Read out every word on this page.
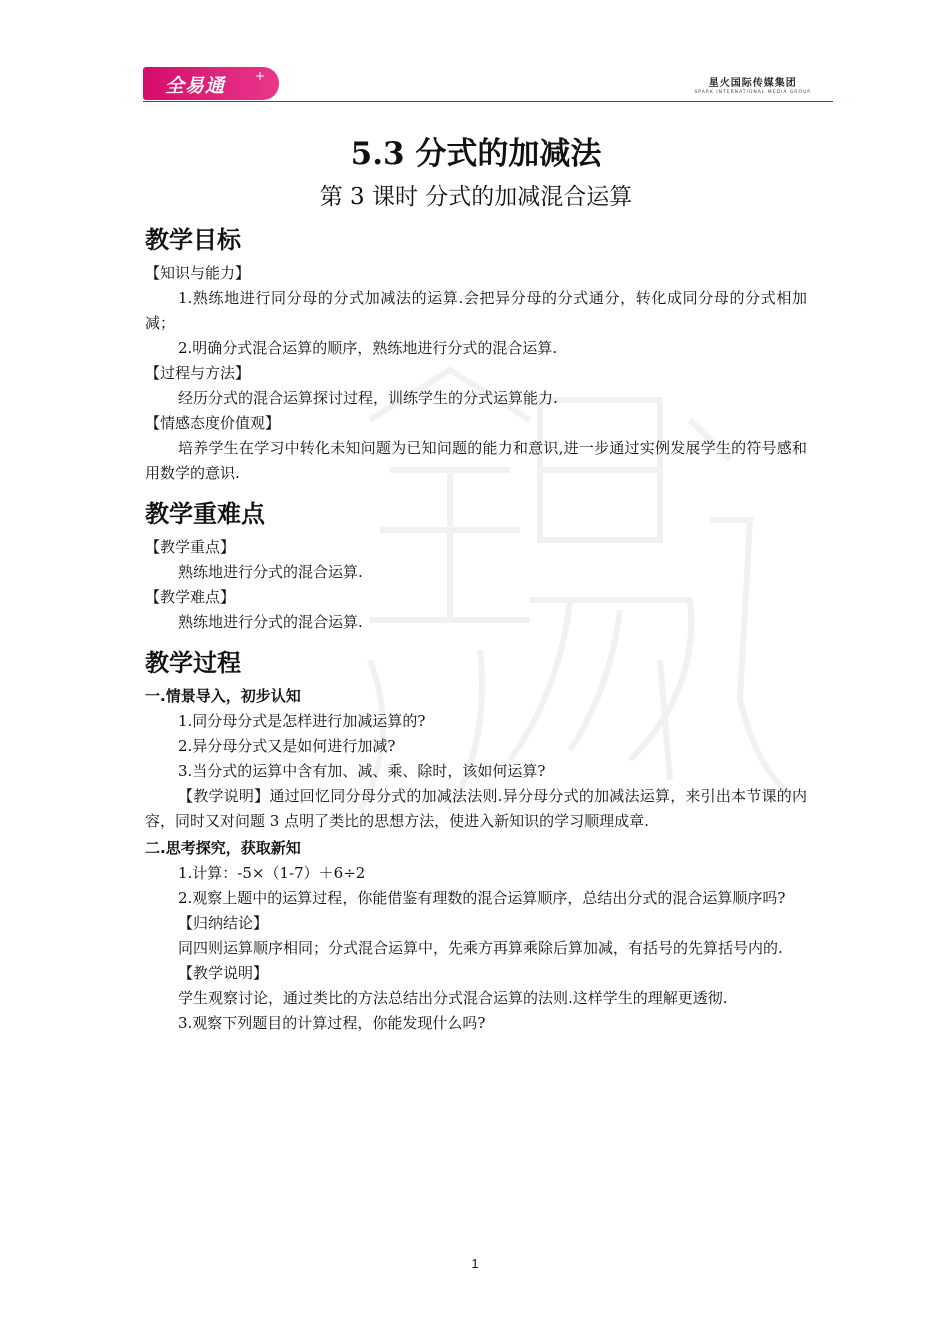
全易通 +
星火国际传媒集团
SPARK INTERNATIONAL MEDIA GROUP
5.3 分式的加减法
第 3 课时 分式的加减混合运算
教学目标

【知识与能力】

1.熟练地进行同分母的分式加减法的运算.会把异分母的分式通分，转化成同分母的分式相加减；

2.明确分式混合运算的顺序，熟练地进行分式的混合运算.

【过程与方法】

经历分式的混合运算探讨过程，训练学生的分式运算能力.

【情感态度价值观】

培养学生在学习中转化未知问题为已知问题的能力和意识,进一步通过实例发展学生的符号感和用数学的意识.

教学重难点

【教学重点】

熟练地进行分式的混合运算.

【教学难点】

熟练地进行分式的混合运算.

教学过程
一.情景导入，初步认知

1.同分母分式是怎样进行加减运算的?

2.异分母分式又是如何进行加减?

3.当分式的运算中含有加、减、乘、除时，该如何运算?

【教学说明】通过回忆同分母分式的加减法法则.异分母分式的加减法运算，来引出本节课的内容，同时又对问题 3 点明了类比的思想方法，使进入新知识的学习顺理成章.

二.思考探究，获取新知

1.计算：-5×（1-7）＋6÷2

2.观察上题中的运算过程，你能借鉴有理数的混合运算顺序，总结出分式的混合运算顺序吗?

【归纳结论】

同四则运算顺序相同；分式混合运算中，先乘方再算乘除后算加减，有括号的先算括号内的.

【教学说明】

学生观察讨论，通过类比的方法总结出分式混合运算的法则.这样学生的理解更透彻.

3.观察下列题目的计算过程，你能发现什么吗?

1
